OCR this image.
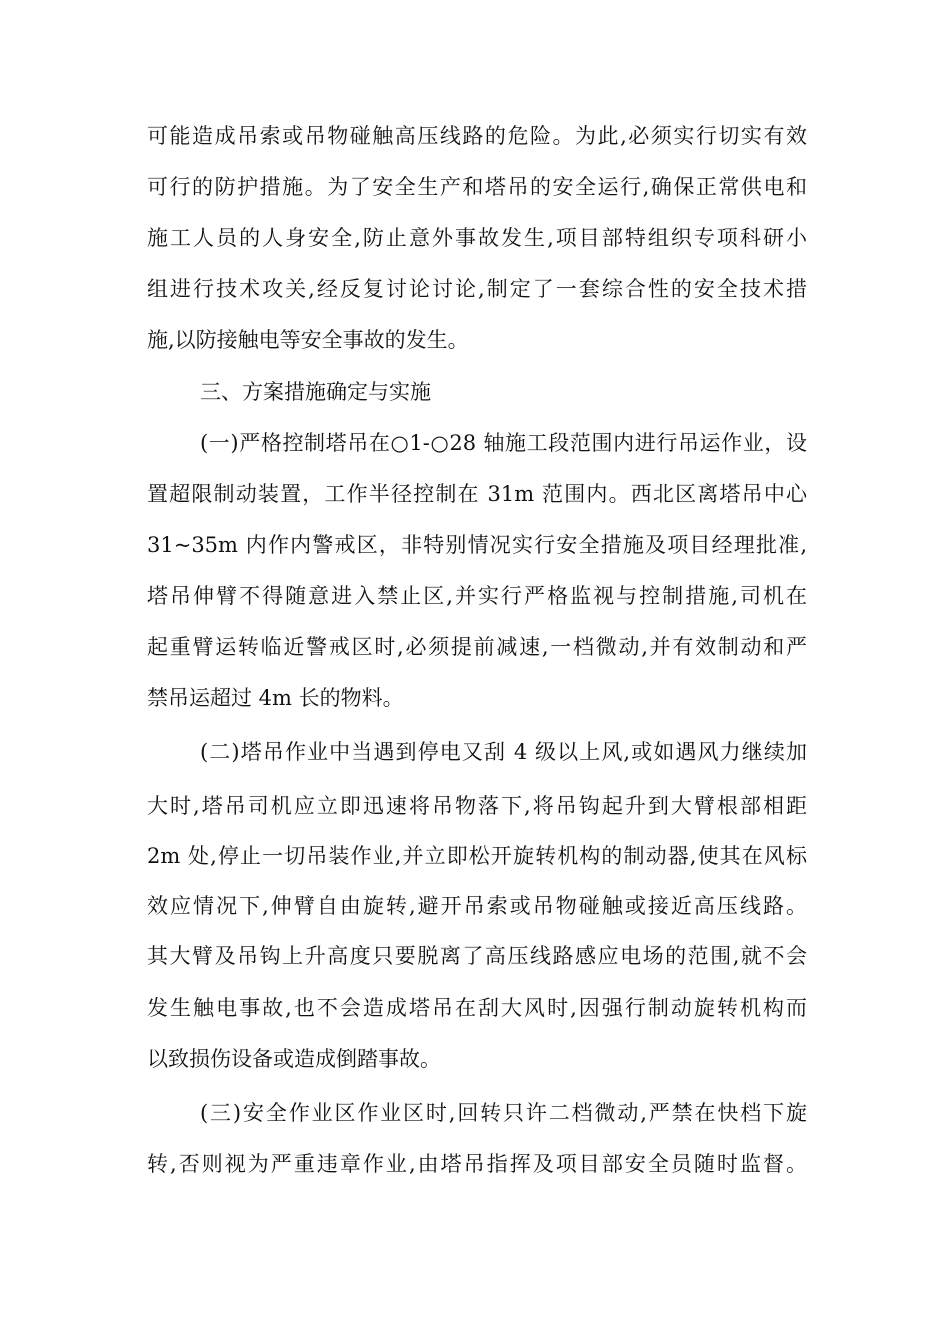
可能造成吊索或吊物碰触高压线路的危险。为此,必须实行切实有效
可行的防护措施。为了安全生产和塔吊的安全运行,确保正常供电和
施工人员的人身安全,防止意外事故发生,项目部特组织专项科研小
组进行技术攻关,经反复讨论讨论,制定了一套综合性的安全技术措
施,以防接触电等安全事故的发生。
三、方案措施确定与实施
(一)严格控制塔吊在○1-○28 轴施工段范围内进行吊运作业，设
置超限制动装置，工作半径控制在 31m 范围内。西北区离塔吊中心
31~35m 内作内警戒区，非特别情况实行安全措施及项目经理批准,
塔吊伸臂不得随意进入禁止区,并实行严格监视与控制措施,司机在
起重臂运转临近警戒区时,必须提前减速,一档微动,并有效制动和严
禁吊运超过 4m 长的物料。
(二)塔吊作业中当遇到停电又刮 4 级以上风,或如遇风力继续加
大时,塔吊司机应立即迅速将吊物落下,将吊钩起升到大臂根部相距
2m 处,停止一切吊装作业,并立即松开旋转机构的制动器,使其在风标
效应情况下,伸臂自由旋转,避开吊索或吊物碰触或接近高压线路。
其大臂及吊钩上升高度只要脱离了高压线路感应电场的范围,就不会
发生触电事故,也不会造成塔吊在刮大风时,因强行制动旋转机构而
以致损伤设备或造成倒踏事故。
(三)安全作业区作业区时,回转只许二档微动,严禁在快档下旋
转,否则视为严重违章作业,由塔吊指挥及项目部安全员随时监督。
